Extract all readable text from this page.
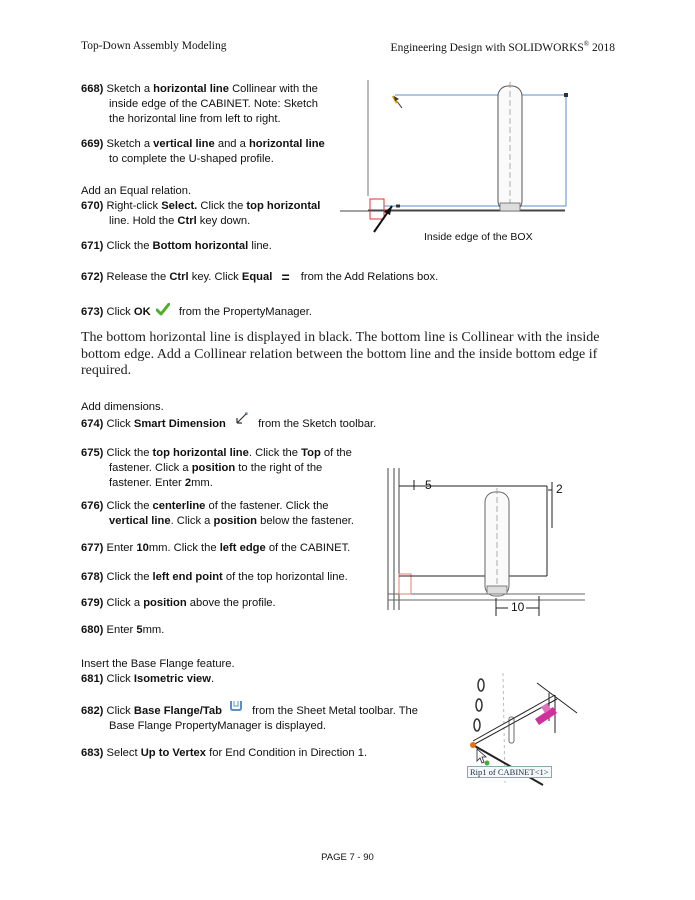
Top-Down Assembly Modeling	Engineering Design with SOLIDWORKS® 2018
668) Sketch a horizontal line Collinear with the
inside edge of the CABINET. Note: Sketch
the horizontal line from left to right.
669) Sketch a vertical line and a horizontal line
to complete the U-shaped profile.
Add an Equal relation.
670) Right-click Select. Click the top horizontal
line. Hold the Ctrl key down.
671) Click the Bottom horizontal line.
672) Release the Ctrl key. Click Equal = from the Add Relations box.
673) Click OK	from the PropertyManager.
The bottom horizontal line is displayed in black. The bottom line is Collinear with the inside bottom edge. Add a Collinear relation between the bottom line and the inside bottom edge if required.
Add dimensions.
674) Click Smart Dimension	from the Sketch toolbar.
675) Click the top horizontal line. Click the Top of the
fastener. Click a position to the right of the
fastener. Enter 2mm.
676) Click the centerline of the fastener. Click the
vertical line. Click a position below the fastener.
677) Enter 10mm. Click the left edge of the CABINET.
678) Click the left end point of the top horizontal line.
679) Click a position above the profile.
680) Enter 5mm.
Insert the Base Flange feature.
681) Click Isometric view.
682) Click Base Flange/Tab	from the Sheet Metal toolbar. The
Base Flange PropertyManager is displayed.
683) Select Up to Vertex for End Condition in Direction 1.
Inside edge of the BOX
5	2
10
Rip1 of CABINET<1>
PAGE 7 - 90
